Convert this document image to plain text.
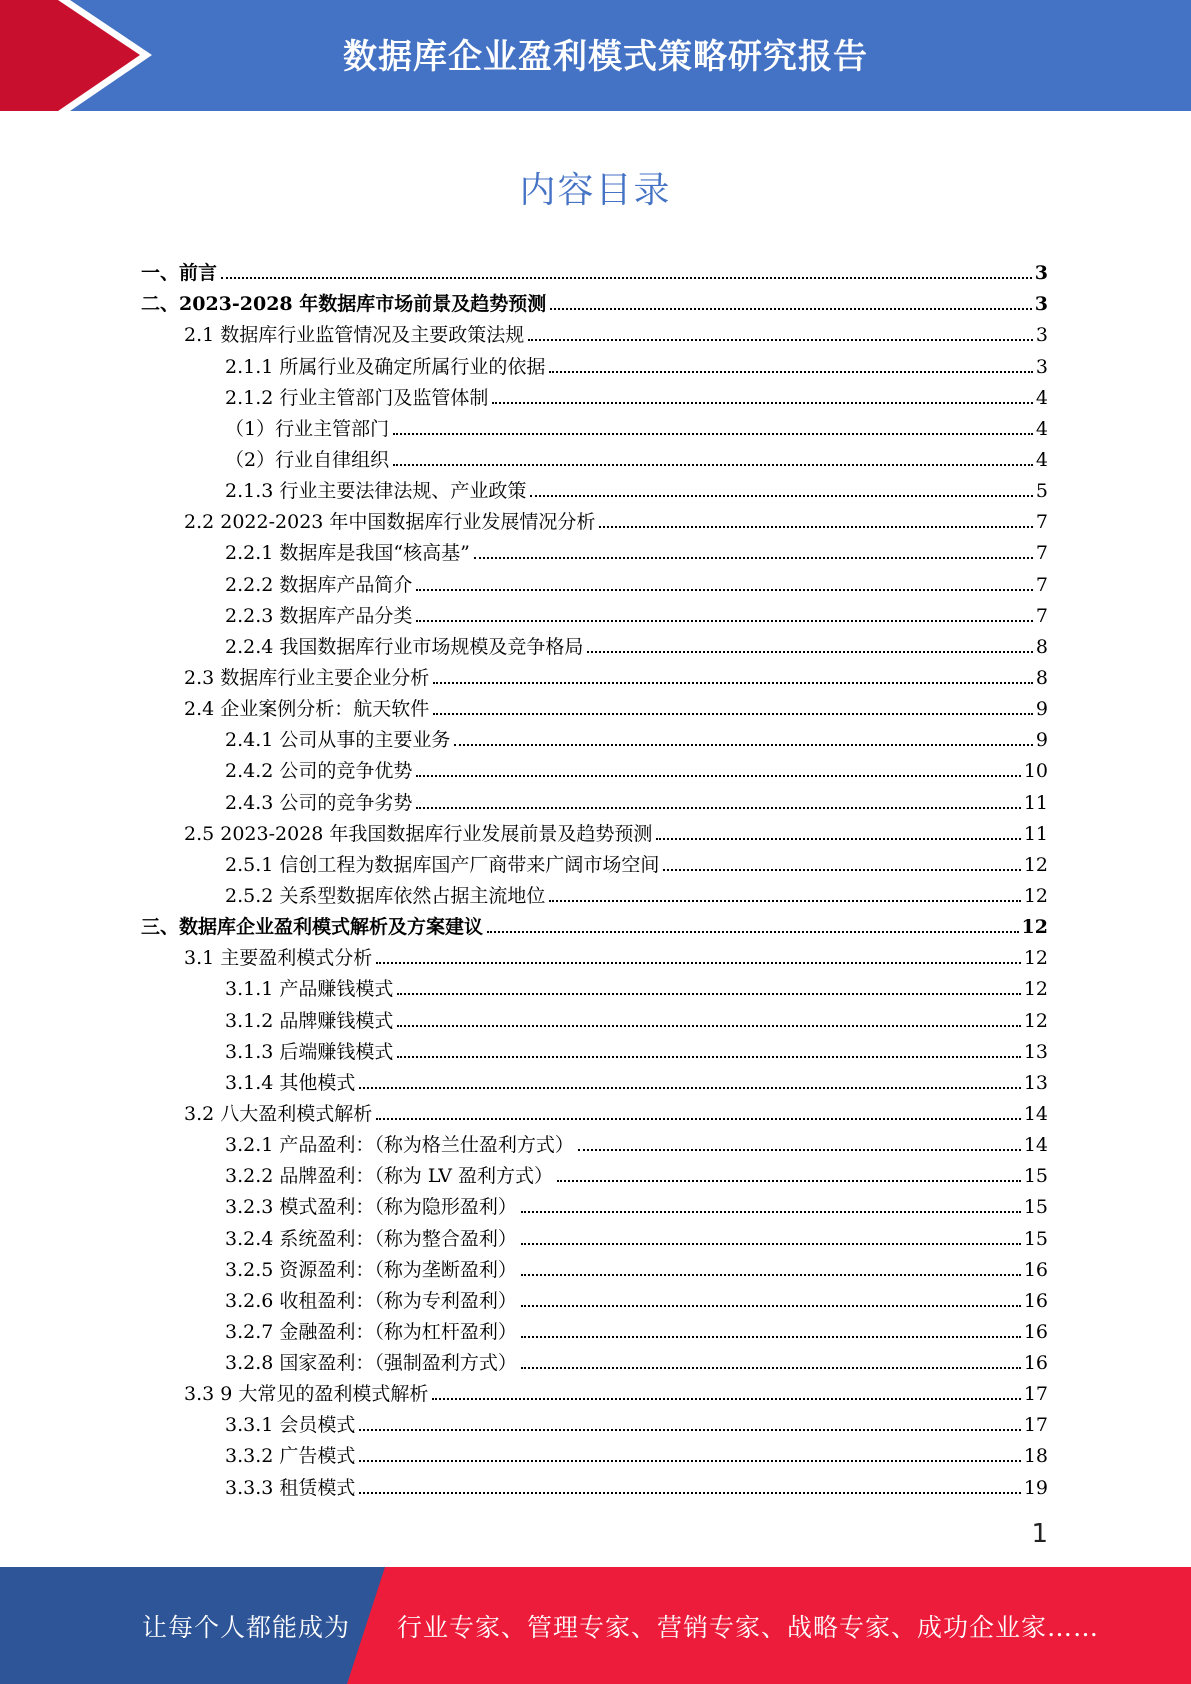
数据库企业盈利模式策略研究报告
内容目录
一、前言	3
二、2023-2028 年数据库市场前景及趋势预测	3
2.1 数据库行业监管情况及主要政策法规	3
2.1.1 所属行业及确定所属行业的依据	3
2.1.2 行业主管部门及监管体制	4
（1）行业主管部门	4
（2）行业自律组织	4
2.1.3 行业主要法律法规、产业政策	5
2.2 2022-2023 年中国数据库行业发展情况分析	7
2.2.1 数据库是我国“核高基”	7
2.2.2 数据库产品简介	7
2.2.3 数据库产品分类	7
2.2.4 我国数据库行业市场规模及竞争格局	8
2.3 数据库行业主要企业分析	8
2.4 企业案例分析：航天软件	9
2.4.1 公司从事的主要业务	9
2.4.2 公司的竞争优势	10
2.4.3 公司的竞争劣势	11
2.5 2023-2028 年我国数据库行业发展前景及趋势预测	11
2.5.1 信创工程为数据库国产厂商带来广阔市场空间	12
2.5.2 关系型数据库依然占据主流地位	12
三、数据库企业盈利模式解析及方案建议	12
3.1 主要盈利模式分析	12
3.1.1 产品赚钱模式	12
3.1.2 品牌赚钱模式	12
3.1.3 后端赚钱模式	13
3.1.4 其他模式	13
3.2 八大盈利模式解析	14
3.2.1 产品盈利：（称为格兰仕盈利方式）	14
3.2.2 品牌盈利：（称为 LV 盈利方式）	15
3.2.3 模式盈利：（称为隐形盈利）	15
3.2.4 系统盈利：（称为整合盈利）	15
3.2.5 资源盈利：（称为垄断盈利）	16
3.2.6 收租盈利：（称为专利盈利）	16
3.2.7 金融盈利：（称为杠杆盈利）	16
3.2.8 国家盈利：（强制盈利方式）	16
3.3 9 大常见的盈利模式解析	17
3.3.1 会员模式	17
3.3.2 广告模式	18
3.3.3 租赁模式	19
1
让每个人都能成为 行业专家、管理专家、营销专家、战略专家、成功企业家……
